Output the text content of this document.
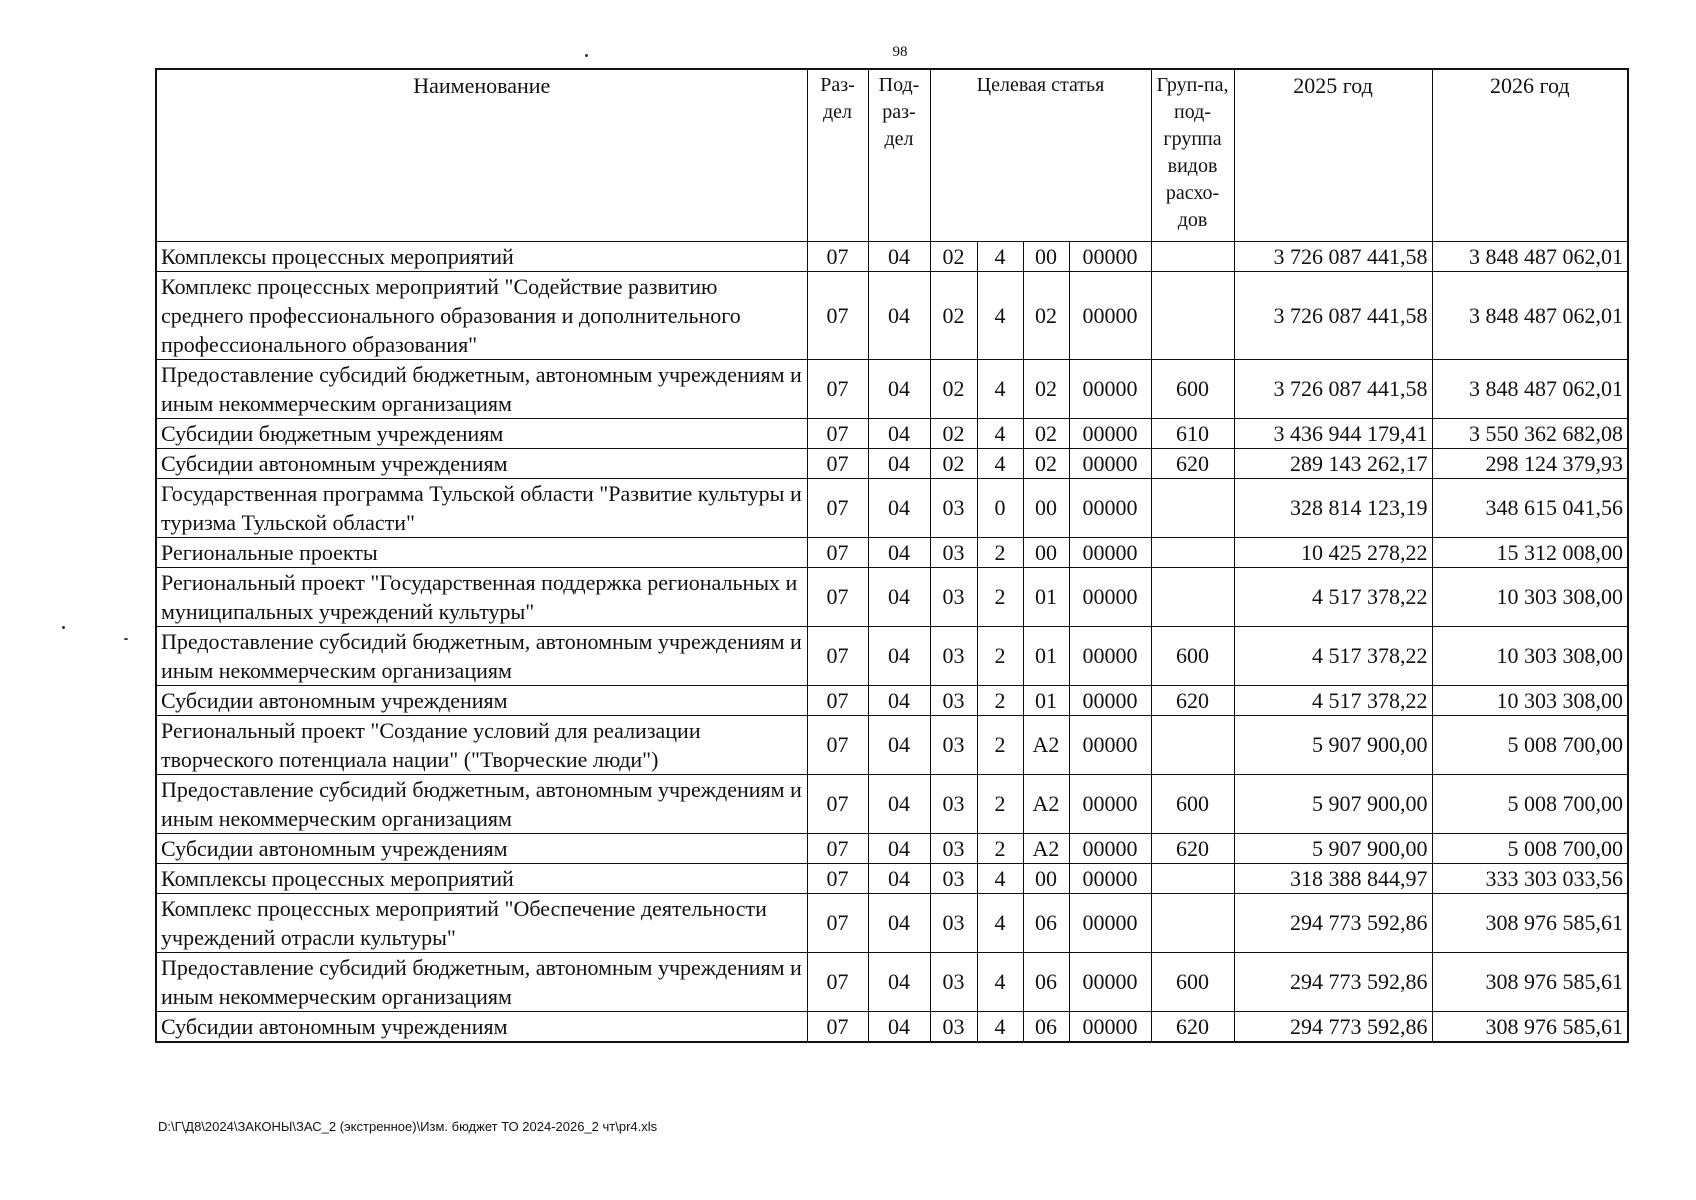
98
Наименование	Раз-дел	Под-раз-дел	Целевая статья				Груп-па, под-группа видов расхо-дов	2025 год	2026 год
Комплексы процессных мероприятий	07	04	02	4	00	00000		3 726 087 441,58	3 848 487 062,01
Комплекс процессных мероприятий "Содействие развитию среднего профессионального образования и дополнительного профессионального образования"	07	04	02	4	02	00000		3 726 087 441,58	3 848 487 062,01
Предоставление субсидий бюджетным, автономным учреждениям и иным некоммерческим организациям	07	04	02	4	02	00000	600	3 726 087 441,58	3 848 487 062,01
Субсидии бюджетным учреждениям	07	04	02	4	02	00000	610	3 436 944 179,41	3 550 362 682,08
Субсидии автономным учреждениям	07	04	02	4	02	00000	620	289 143 262,17	298 124 379,93
Государственная программа Тульской области "Развитие культуры и туризма Тульской области"	07	04	03	0	00	00000		328 814 123,19	348 615 041,56
Региональные проекты	07	04	03	2	00	00000		10 425 278,22	15 312 008,00
Региональный проект "Государственная поддержка региональных и муниципальных учреждений культуры"	07	04	03	2	01	00000		4 517 378,22	10 303 308,00
Предоставление субсидий бюджетным, автономным учреждениям и иным некоммерческим организациям	07	04	03	2	01	00000	600	4 517 378,22	10 303 308,00
Субсидии автономным учреждениям	07	04	03	2	01	00000	620	4 517 378,22	10 303 308,00
Региональный проект "Создание условий для реализации творческого потенциала нации" ("Творческие люди")	07	04	03	2	А2	00000		5 907 900,00	5 008 700,00
Предоставление субсидий бюджетным, автономным учреждениям и иным некоммерческим организациям	07	04	03	2	А2	00000	600	5 907 900,00	5 008 700,00
Субсидии автономным учреждениям	07	04	03	2	А2	00000	620	5 907 900,00	5 008 700,00
Комплексы процессных мероприятий	07	04	03	4	00	00000		318 388 844,97	333 303 033,56
Комплекс процессных мероприятий "Обеспечение деятельности учреждений отрасли культуры"	07	04	03	4	06	00000		294 773 592,86	308 976 585,61
Предоставление субсидий бюджетным, автономным учреждениям и иным некоммерческим организациям	07	04	03	4	06	00000	600	294 773 592,86	308 976 585,61
Субсидии автономным учреждениям	07	04	03	4	06	00000	620	294 773 592,86	308 976 585,61
D:\Г\Д8\2024\ЗАКОНЫ\ЗАС_2 (экстренное)\Изм. бюджет ТО 2024-2026_2 чт\pr4.xls
